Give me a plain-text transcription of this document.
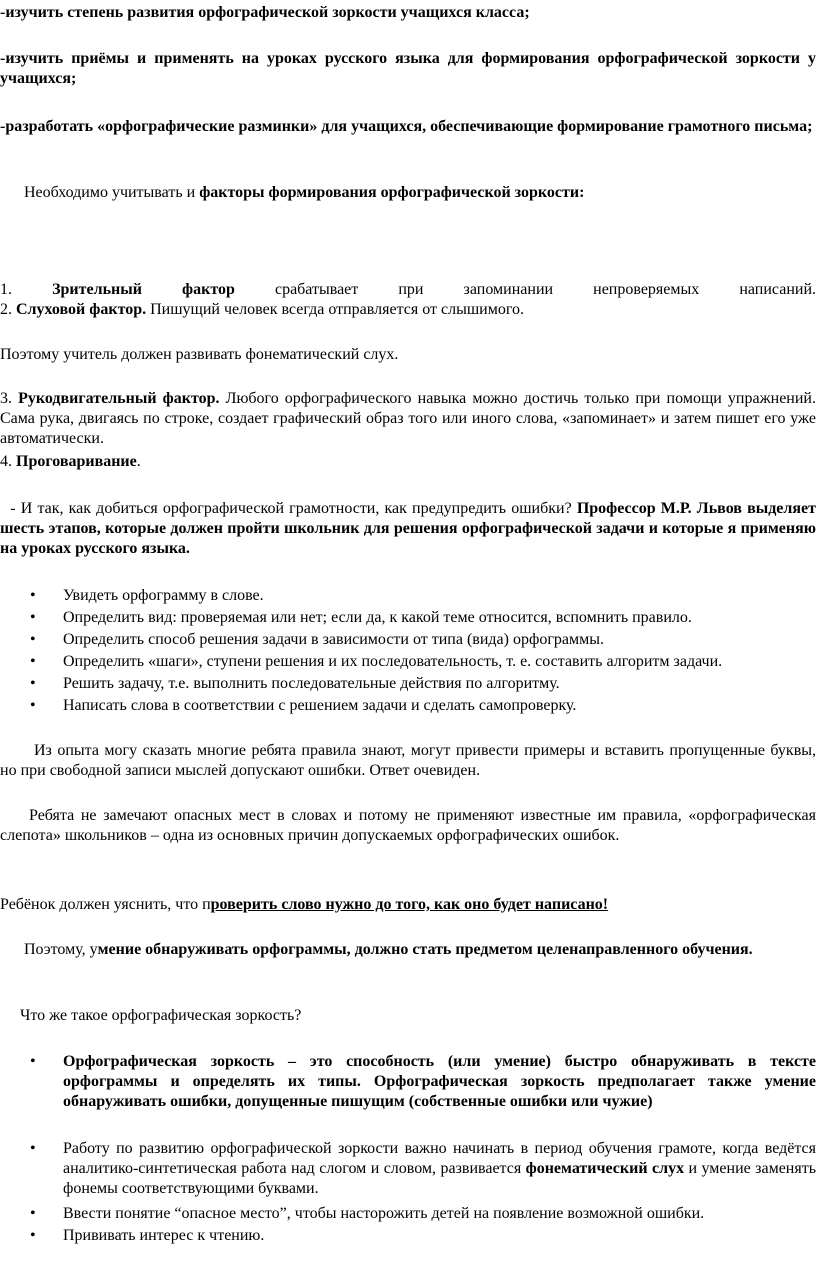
-изучить степень развития орфографической зоркости учащихся класса;

-изучить приёмы и применять на уроках русского языка для формирования орфографической зоркости у учащихся;

-разработать «орфографические разминки» для учащихся, обеспечивающие формирование грамотного письма;

Необходимо учитывать и факторы формирования орфографической зоркости:

1. Зрительный фактор срабатывает при запоминании непроверяемых написаний.

2. Слуховой фактор. Пишущий человек всегда отправляется от слышимого.

Поэтому учитель должен развивать фонематический слух.

3. Рукодвигательный фактор. Любого орфографического навыка можно достичь только при помощи упражнений. Сама рука, двигаясь по строке, создает графический образ того или иного слова, «запоминает» и затем пишет его уже автоматически.

4. Проговаривание.

- И так, как добиться орфографической грамотности, как предупредить ошибки? Профессор М.Р. Львов выделяет шесть этапов, которые должен пройти школьник для решения орфографической задачи и которые я применяю на уроках русского языка.

• Увидеть орфограмму в слове.
• Определить вид: проверяемая или нет; если да, к какой теме относится, вспомнить правило.
• Определить способ решения задачи в зависимости от типа (вида) орфограммы.
• Определить «шаги», ступени решения и их последовательность, т. е. составить алгоритм задачи.
• Решить задачу, т.е. выполнить последовательные действия по алгоритму.
• Написать слова в соответствии с решением задачи и сделать самопроверку.

Из опыта могу сказать многие ребята правила знают, могут привести примеры и вставить пропущенные буквы, но при свободной записи мыслей допускают ошибки. Ответ очевиден.

Ребята не замечают опасных мест в словах и потому не применяют известные им правила, «орфографическая слепота» школьников – одна из основных причин допускаемых орфографических ошибок.

Ребёнок должен уяснить, что проверить слово нужно до того, как оно будет написано!

Поэтому, умение обнаруживать орфограммы, должно стать предметом целенаправленного обучения.

Что же такое орфографическая зоркость?

• Орфографическая зоркость – это способность (или умение) быстро обнаруживать в тексте орфограммы и определять их типы. Орфографическая зоркость предполагает также умение обнаруживать ошибки, допущенные пишущим (собственные ошибки или чужие)
• Работу по развитию орфографической зоркости важно начинать в период обучения грамоте, когда ведётся аналитико-синтетическая работа над слогом и словом, развивается фонематический слух и умение заменять фонемы соответствующими буквами.
• Ввести понятие “опасное место”, чтобы насторожить детей на появление возможной ошибки.
• Прививать интерес к чтению.
